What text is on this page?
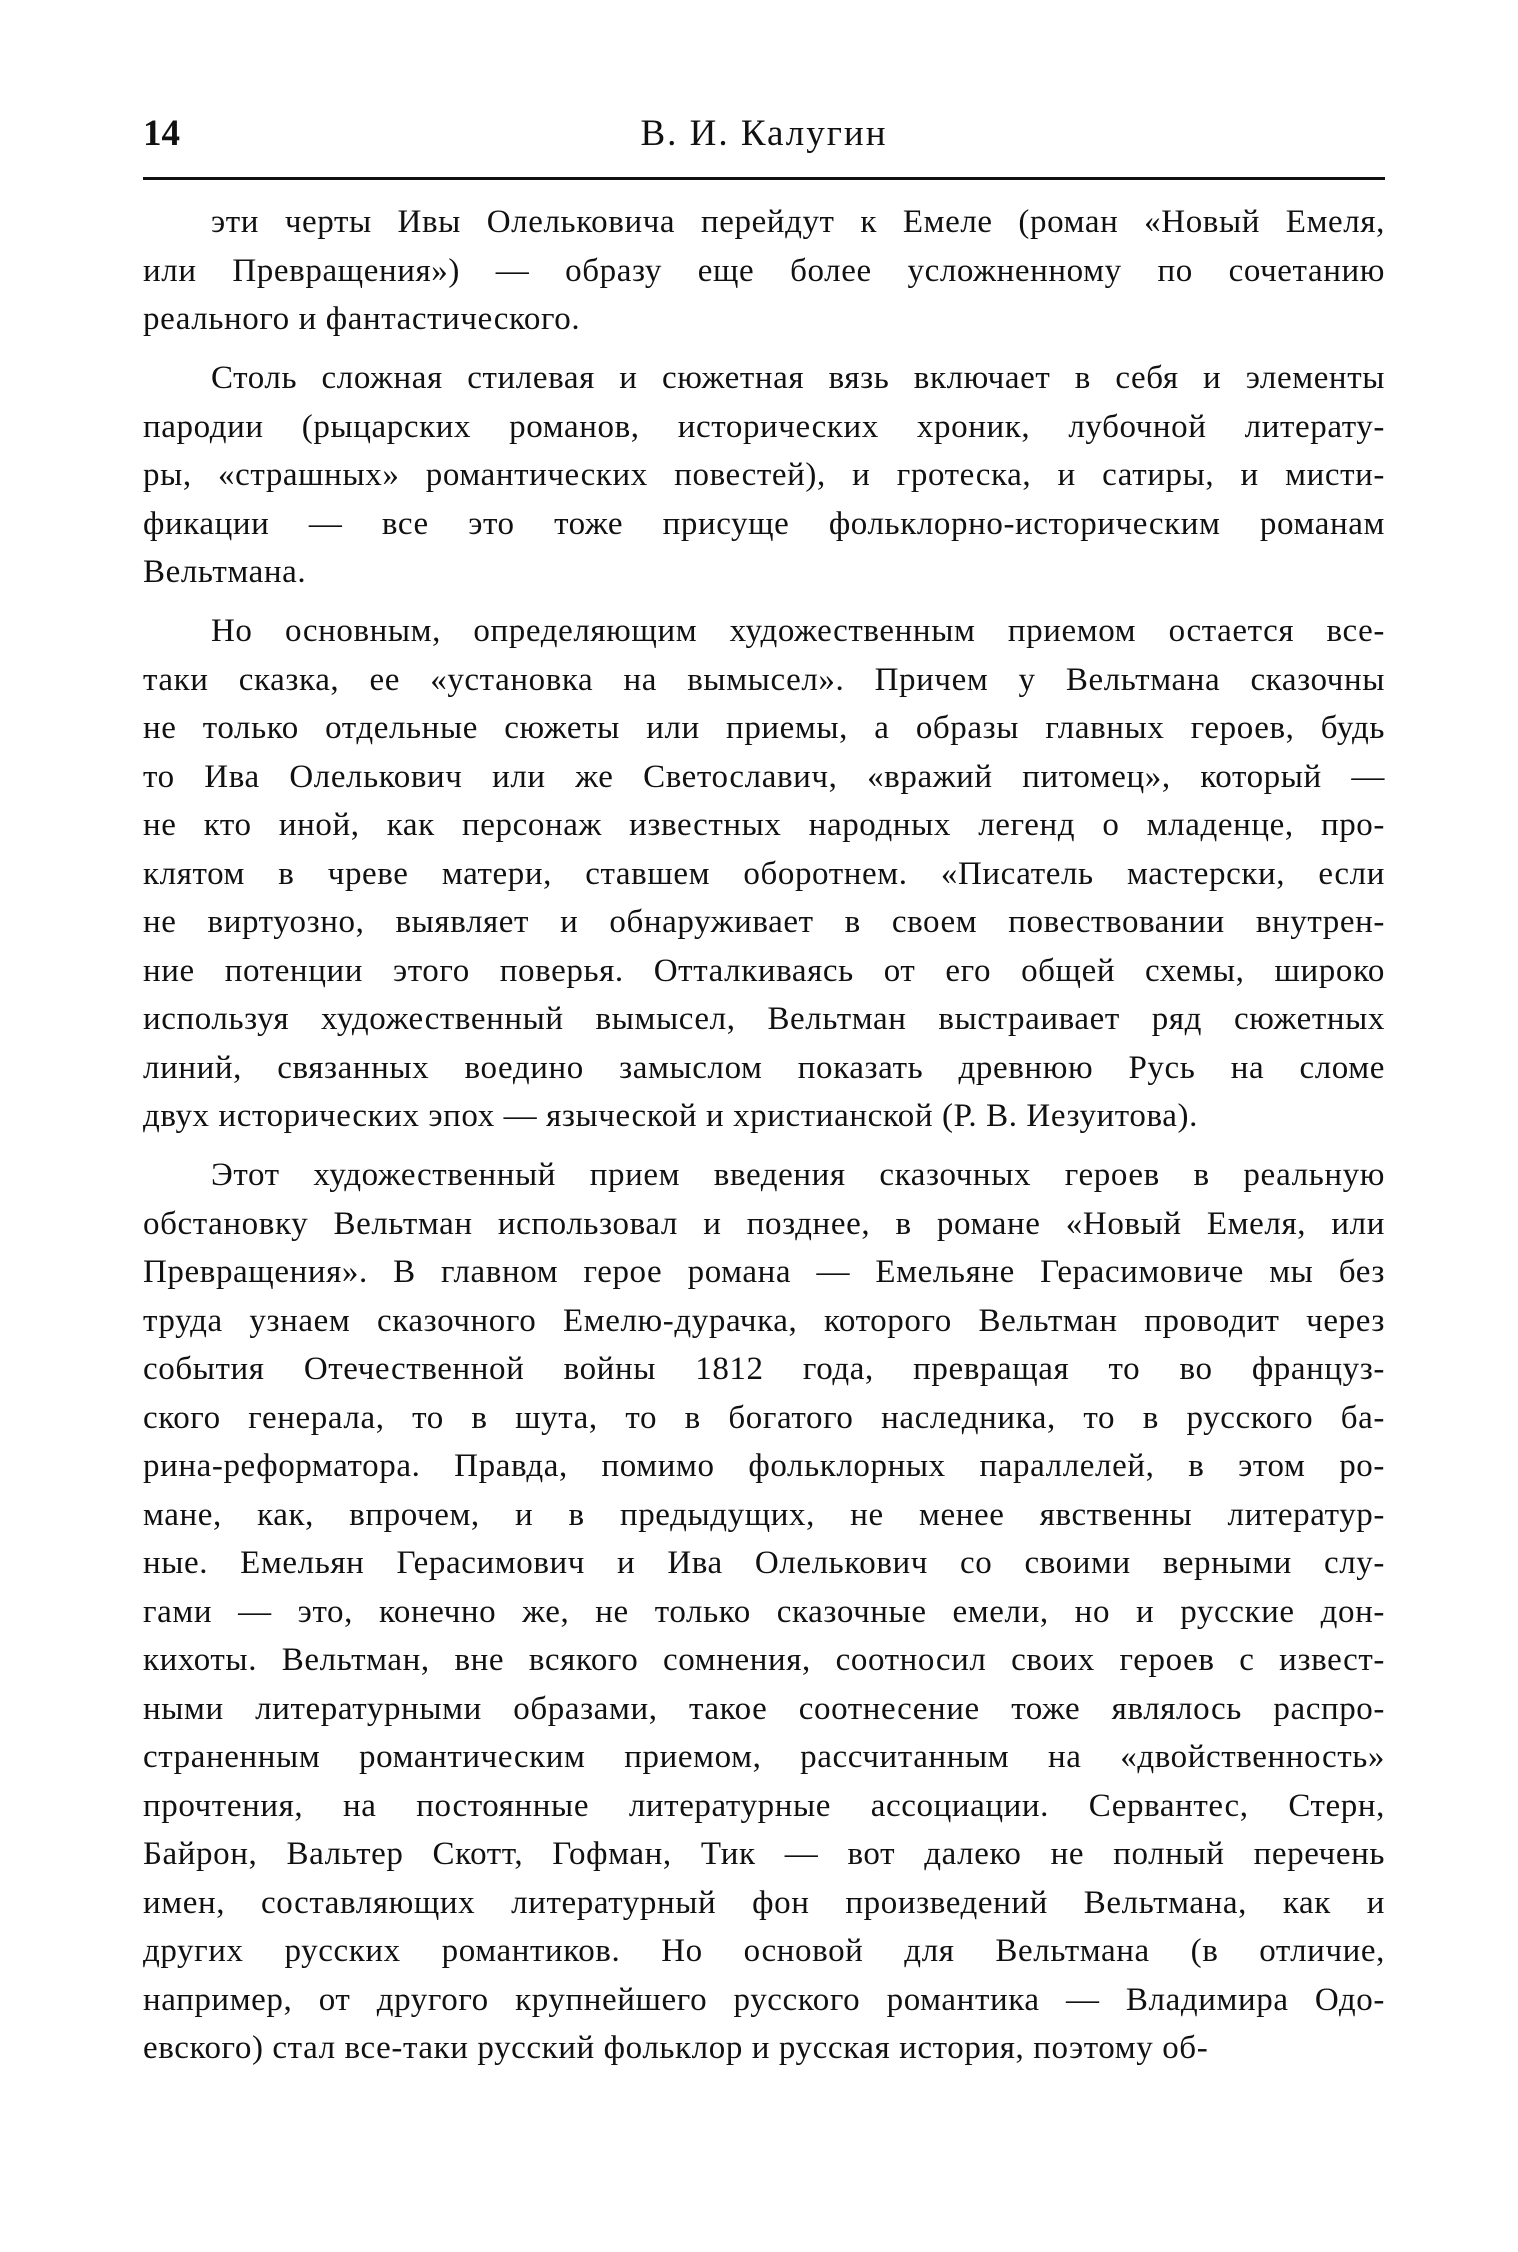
14	В. И. Калугин
эти черты Ивы Олельковича перейдут к Емеле (роман «Новый Емеля,
или Превращения») — образу еще более усложненному по сочетанию
реального и фантастического.
Столь сложная стилевая и сюжетная вязь включает в себя и элементы
пародии (рыцарских романов, исторических хроник, лубочной литерату-
ры, «страшных» романтических повестей), и гротеска, и сатиры, и мисти-
фикации — все это тоже присуще фольклорно-историческим романам
Вельтмана.
Но основным, определяющим художественным приемом остается все-
таки сказка, ее «установка на вымысел». Причем у Вельтмана сказочны
не только отдельные сюжеты или приемы, а образы главных героев, будь
то Ива Олелькович или же Светославич, «вражий питомец», который —
не кто иной, как персонаж известных народных легенд о младенце, про-
клятом в чреве матери, ставшем оборотнем. «Писатель мастерски, если
не виртуозно, выявляет и обнаруживает в своем повествовании внутрен-
ние потенции этого поверья. Отталкиваясь от его общей схемы, широко
используя художественный вымысел, Вельтман выстраивает ряд сюжетных
линий, связанных воедино замыслом показать древнюю Русь на сломе
двух исторических эпох — языческой и христианской (Р. В. Иезуитова).
Этот художественный прием введения сказочных героев в реальную
обстановку Вельтман использовал и позднее, в романе «Новый Емеля, или
Превращения». В главном герое романа — Емельяне Герасимовиче мы без
труда узнаем сказочного Емелю-дурачка, которого Вельтман проводит через
события Отечественной войны 1812 года, превращая то во француз-
ского генерала, то в шута, то в богатого наследника, то в русского ба-
рина-реформатора. Правда, помимо фольклорных параллелей, в этом ро-
мане, как, впрочем, и в предыдущих, не менее явственны литератур-
ные. Емельян Герасимович и Ива Олелькович со своими верными слу-
гами — это, конечно же, не только сказочные емели, но и русские дон-
кихоты. Вельтман, вне всякого сомнения, соотносил своих героев с извест-
ными литературными образами, такое соотнесение тоже являлось распро-
страненным романтическим приемом, рассчитанным на «двойственность»
прочтения, на постоянные литературные ассоциации. Сервантес, Стерн,
Байрон, Вальтер Скотт, Гофман, Тик — вот далеко не полный перечень
имен, составляющих литературный фон произведений Вельтмана, как и
других русских романтиков. Но основой для Вельтмана (в отличие,
например, от другого крупнейшего русского романтика — Владимира Одо-
евского) стал все-таки русский фольклор и русская история, поэтому об-
